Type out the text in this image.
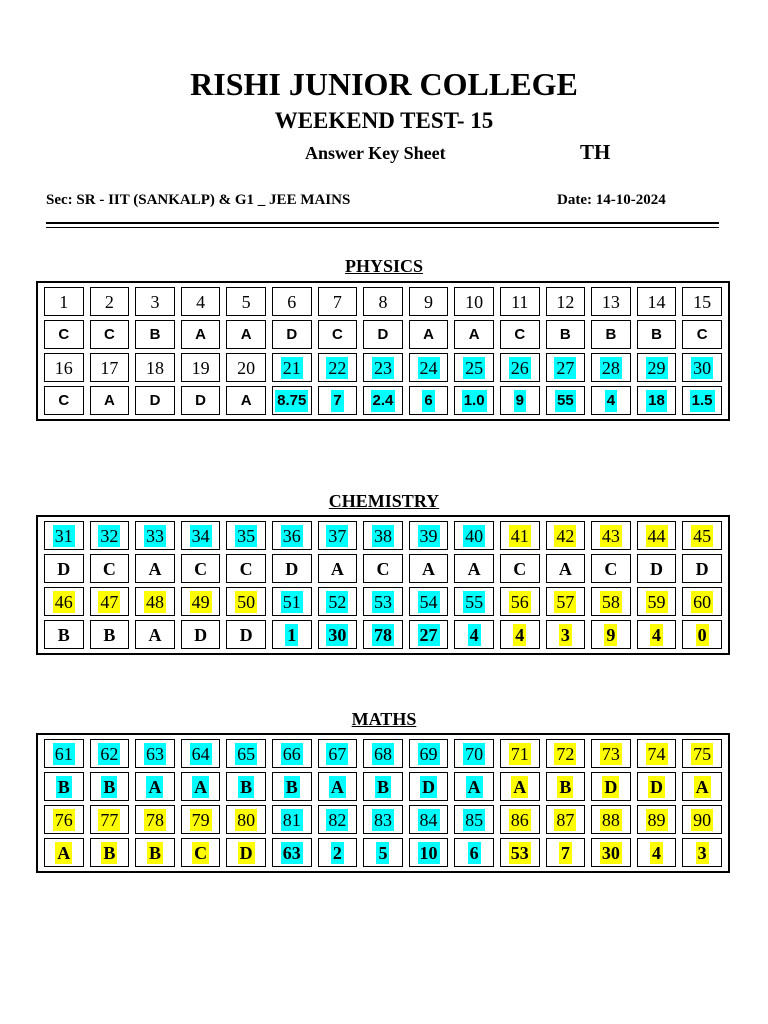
RISHI JUNIOR COLLEGE
WEEKEND TEST- 15
Answer Key Sheet	TH
Sec: SR - IIT (SANKALP) & G1 _ JEE MAINS	Date: 14-10-2024
PHYSICS
1 2 3 4 5 6 7 8 9 10 11 12 13 14 15
C C B A A D C D A A C B B B C
16 17 18 19 20 21 22 23 24 25 26 27 28 29 30
C A D D A 8.75 7 2.4 6 1.0 9 55 4 18 1.5
CHEMISTRY
31 32 33 34 35 36 37 38 39 40 41 42 43 44 45
D C A C C D A C A A C A C D D
46 47 48 49 50 51 52 53 54 55 56 57 58 59 60
B B A D D 1 30 78 27 4 4 3 9 4 0
MATHS
61 62 63 64 65 66 67 68 69 70 71 72 73 74 75
B B A A B B A B D A A B D D A
76 77 78 79 80 81 82 83 84 85 86 87 88 89 90
A B B C D 63 2 5 10 6 53 7 30 4 3
